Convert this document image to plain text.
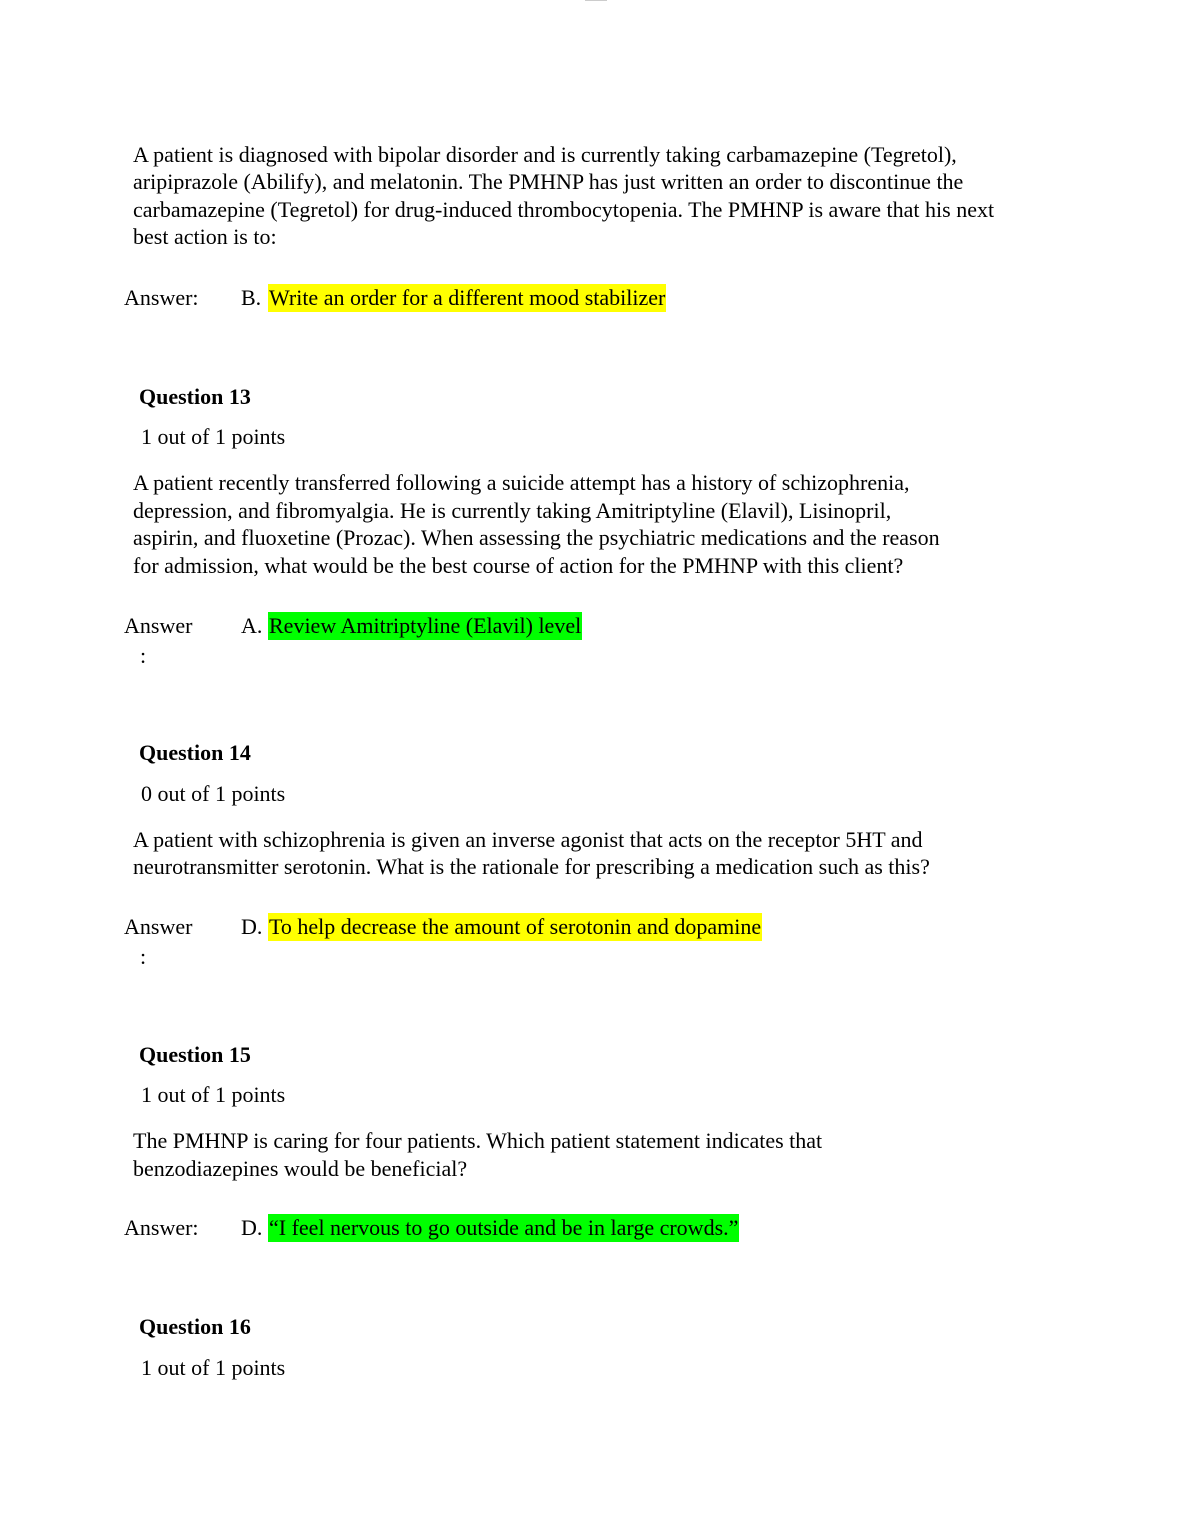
A patient is diagnosed with bipolar disorder and is currently taking carbamazepine (Tegretol),
aripiprazole (Abilify), and melatonin. The PMHNP has just written an order to discontinue the
carbamazepine (Tegretol) for drug-induced thrombocytopenia. The PMHNP is aware that his next
best action is to:
Answer: B. Write an order for a different mood stabilizer
Question 13
1 out of 1 points
A patient recently transferred following a suicide attempt has a history of schizophrenia,
depression, and fibromyalgia. He is currently taking Amitriptyline (Elavil), Lisinopril,
aspirin, and fluoxetine (Prozac). When assessing the psychiatric medications and the reason
for admission, what would be the best course of action for the PMHNP with this client?
Answer
:
A. Review Amitriptyline (Elavil) level
Question 14
0 out of 1 points
A patient with schizophrenia is given an inverse agonist that acts on the receptor 5HT and
neurotransmitter serotonin. What is the rationale for prescribing a medication such as this?
Answer
:
D. To help decrease the amount of serotonin and dopamine
Question 15
1 out of 1 points
The PMHNP is caring for four patients. Which patient statement indicates that
benzodiazepines would be beneficial?
Answer: D. “I feel nervous to go outside and be in large crowds.”
Question 16
1 out of 1 points
